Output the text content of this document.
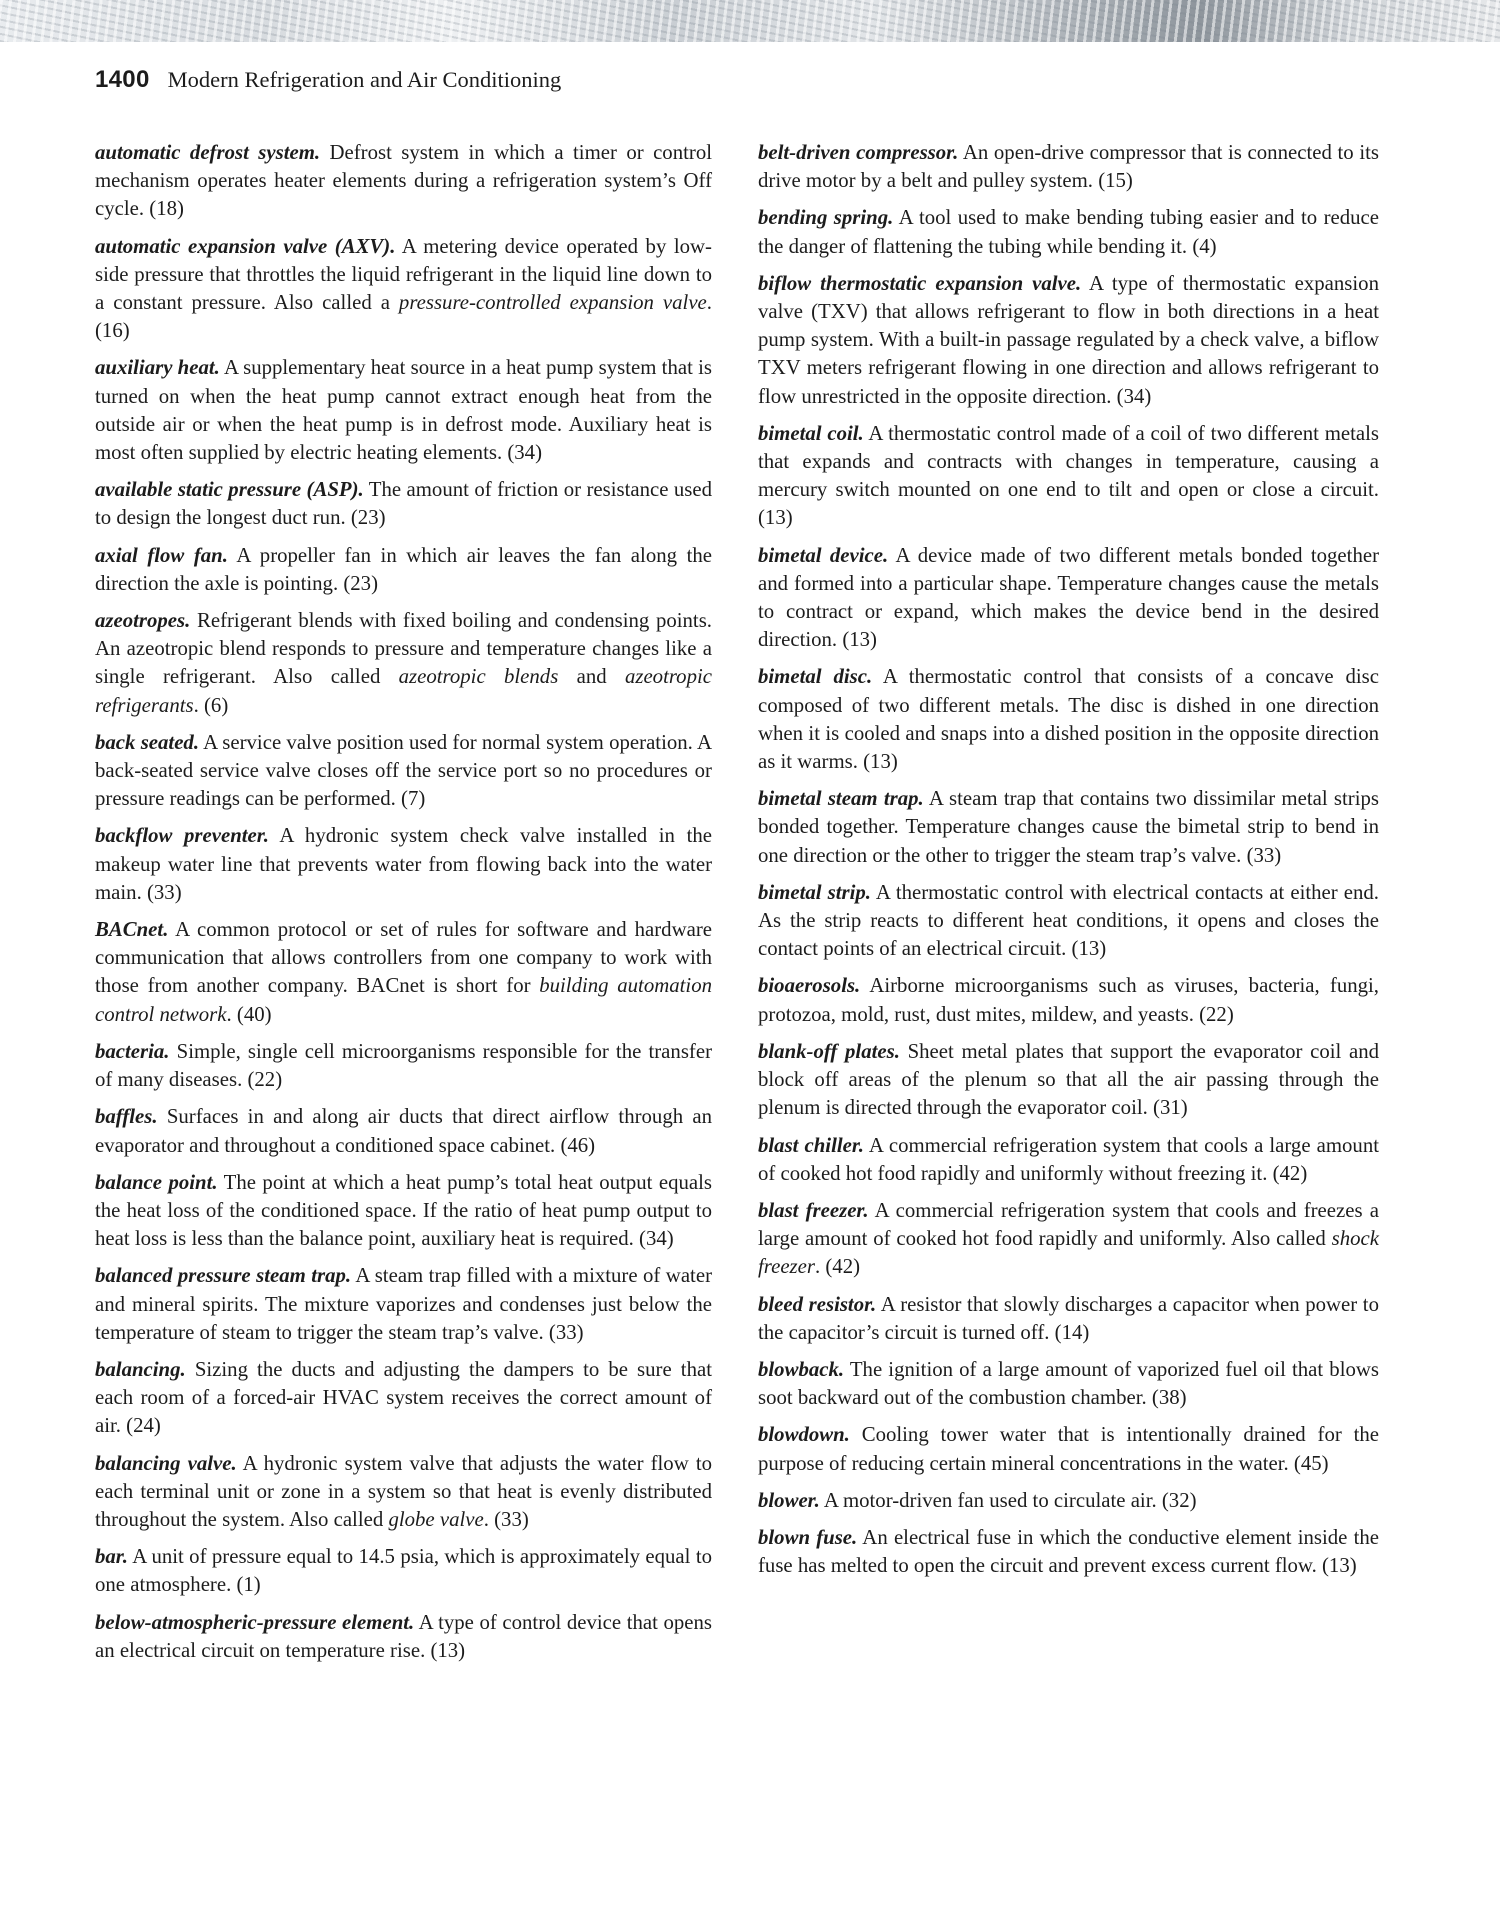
1400 Modern Refrigeration and Air Conditioning

automatic defrost system. Defrost system in which a timer or control mechanism operates heater elements during a refrigeration system’s Off cycle. (18)

automatic expansion valve (AXV). A metering device operated by low-side pressure that throttles the liquid refrigerant in the liquid line down to a constant pressure. Also called a pressure-controlled expansion valve. (16)

auxiliary heat. A supplementary heat source in a heat pump system that is turned on when the heat pump cannot extract enough heat from the outside air or when the heat pump is in defrost mode. Auxiliary heat is most often supplied by electric heating elements. (34)

available static pressure (ASP). The amount of friction or resistance used to design the longest duct run. (23)

axial flow fan. A propeller fan in which air leaves the fan along the direction the axle is pointing. (23)

azeotropes. Refrigerant blends with fixed boiling and condensing points. An azeotropic blend responds to pressure and temperature changes like a single refrigerant. Also called azeotropic blends and azeotropic refrigerants. (6)

back seated. A service valve position used for normal system operation. A back-seated service valve closes off the service port so no procedures or pressure readings can be performed. (7)

backflow preventer. A hydronic system check valve installed in the makeup water line that prevents water from flowing back into the water main. (33)

BACnet. A common protocol or set of rules for software and hardware communication that allows controllers from one company to work with those from another company. BACnet is short for building automation control network. (40)

bacteria. Simple, single cell microorganisms responsible for the transfer of many diseases. (22)

baffles. Surfaces in and along air ducts that direct airflow through an evaporator and throughout a conditioned space cabinet. (46)

balance point. The point at which a heat pump’s total heat output equals the heat loss of the conditioned space. If the ratio of heat pump output to heat loss is less than the balance point, auxiliary heat is required. (34)

balanced pressure steam trap. A steam trap filled with a mixture of water and mineral spirits. The mixture vaporizes and condenses just below the temperature of steam to trigger the steam trap’s valve. (33)

balancing. Sizing the ducts and adjusting the dampers to be sure that each room of a forced-air HVAC system receives the correct amount of air. (24)

balancing valve. A hydronic system valve that adjusts the water flow to each terminal unit or zone in a system so that heat is evenly distributed throughout the system. Also called globe valve. (33)

bar. A unit of pressure equal to 14.5 psia, which is approximately equal to one atmosphere. (1)

below-atmospheric-pressure element. A type of control device that opens an electrical circuit on temperature rise. (13)

belt-driven compressor. An open-drive compressor that is connected to its drive motor by a belt and pulley system. (15)

bending spring. A tool used to make bending tubing easier and to reduce the danger of flattening the tubing while bending it. (4)

biflow thermostatic expansion valve. A type of thermostatic expansion valve (TXV) that allows refrigerant to flow in both directions in a heat pump system. With a built-in passage regulated by a check valve, a biflow TXV meters refrigerant flowing in one direction and allows refrigerant to flow unrestricted in the opposite direction. (34)

bimetal coil. A thermostatic control made of a coil of two different metals that expands and contracts with changes in temperature, causing a mercury switch mounted on one end to tilt and open or close a circuit. (13)

bimetal device. A device made of two different metals bonded together and formed into a particular shape. Temperature changes cause the metals to contract or expand, which makes the device bend in the desired direction. (13)

bimetal disc. A thermostatic control that consists of a concave disc composed of two different metals. The disc is dished in one direction when it is cooled and snaps into a dished position in the opposite direction as it warms. (13)

bimetal steam trap. A steam trap that contains two dissimilar metal strips bonded together. Temperature changes cause the bimetal strip to bend in one direction or the other to trigger the steam trap’s valve. (33)

bimetal strip. A thermostatic control with electrical contacts at either end. As the strip reacts to different heat conditions, it opens and closes the contact points of an electrical circuit. (13)

bioaerosols. Airborne microorganisms such as viruses, bacteria, fungi, protozoa, mold, rust, dust mites, mildew, and yeasts. (22)

blank-off plates. Sheet metal plates that support the evaporator coil and block off areas of the plenum so that all the air passing through the plenum is directed through the evaporator coil. (31)

blast chiller. A commercial refrigeration system that cools a large amount of cooked hot food rapidly and uniformly without freezing it. (42)

blast freezer. A commercial refrigeration system that cools and freezes a large amount of cooked hot food rapidly and uniformly. Also called shock freezer. (42)

bleed resistor. A resistor that slowly discharges a capacitor when power to the capacitor’s circuit is turned off. (14)

blowback. The ignition of a large amount of vaporized fuel oil that blows soot backward out of the combustion chamber. (38)

blowdown. Cooling tower water that is intentionally drained for the purpose of reducing certain mineral concentrations in the water. (45)

blower. A motor-driven fan used to circulate air. (32)

blown fuse. An electrical fuse in which the conductive element inside the fuse has melted to open the circuit and prevent excess current flow. (13)
